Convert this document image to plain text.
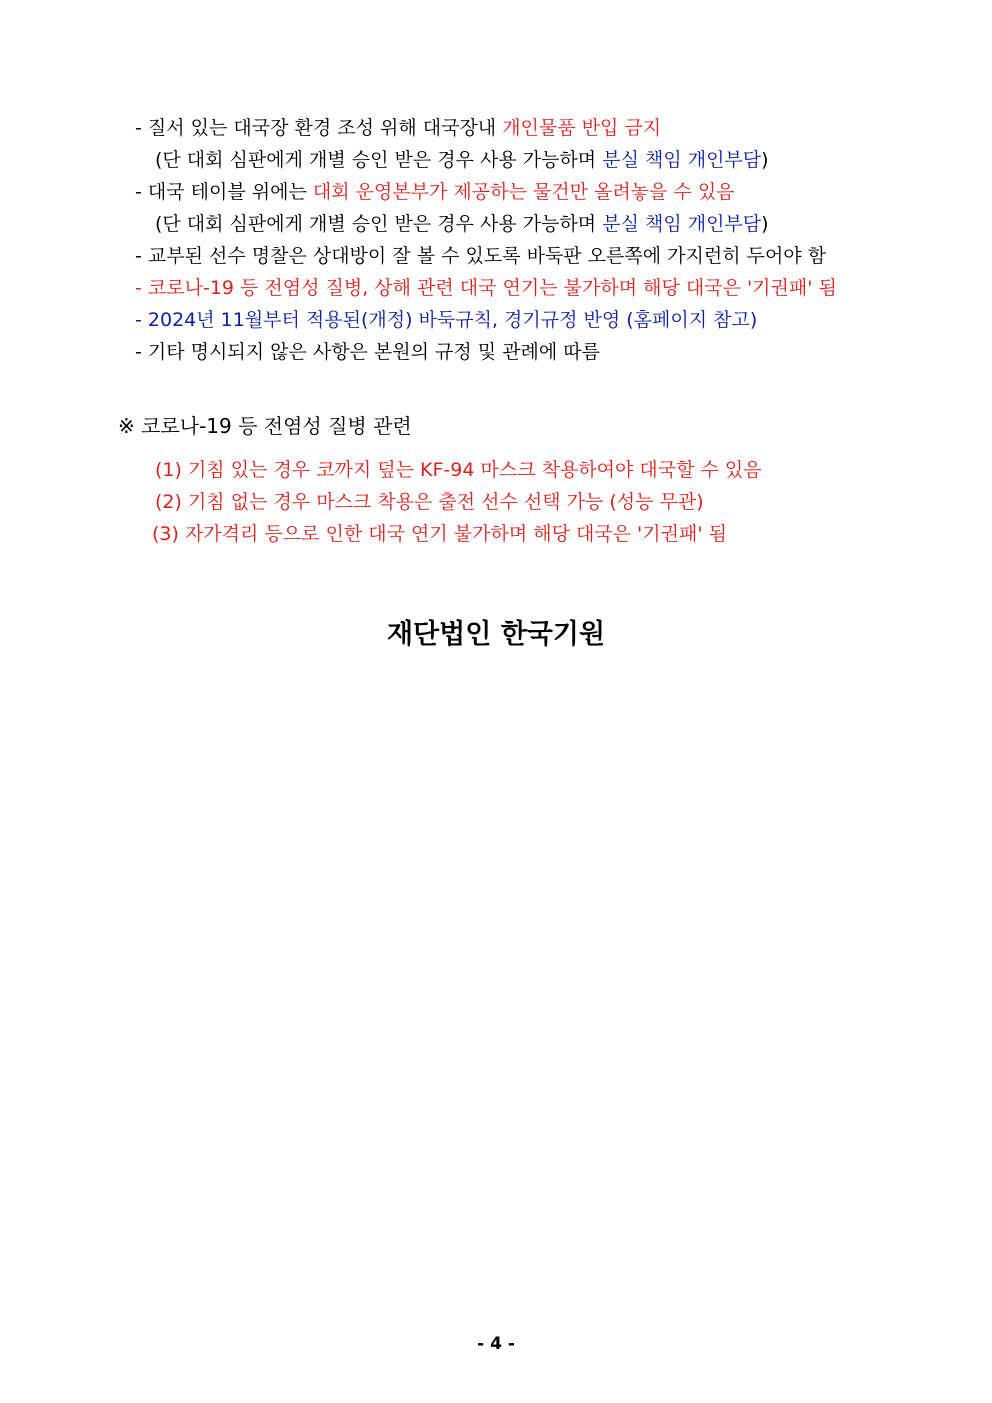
- 질서 있는 대국장 환경 조성 위해 대국장내 개인물품 반입 금지
(단 대회 심판에게 개별 승인 받은 경우 사용 가능하며 분실 책임 개인부담)
- 대국 테이블 위에는 대회 운영본부가 제공하는 물건만 올려놓을 수 있음
(단 대회 심판에게 개별 승인 받은 경우 사용 가능하며 분실 책임 개인부담)
- 교부된 선수 명찰은 상대방이 잘 볼 수 있도록 바둑판 오른쪽에 가지런히 두어야 함
- 코로나-19 등 전염성 질병, 상해 관련 대국 연기는 불가하며 해당 대국은 '기권패' 됨
- 2024년 11월부터 적용된(개정) 바둑규칙, 경기규정 반영 (홈페이지 참고)
- 기타 명시되지 않은 사항은 본원의 규정 및 관례에 따름
※ 코로나-19 등 전염성 질병 관련
(1) 기침 있는 경우 코까지 덮는 KF-94 마스크 착용하여야 대국할 수 있음
(2) 기침 없는 경우 마스크 착용은 출전 선수 선택 가능 (성능 무관)
(3) 자가격리 등으로 인한 대국 연기 불가하며 해당 대국은 '기권패' 됨
재단법인 한국기원
- 4 -
